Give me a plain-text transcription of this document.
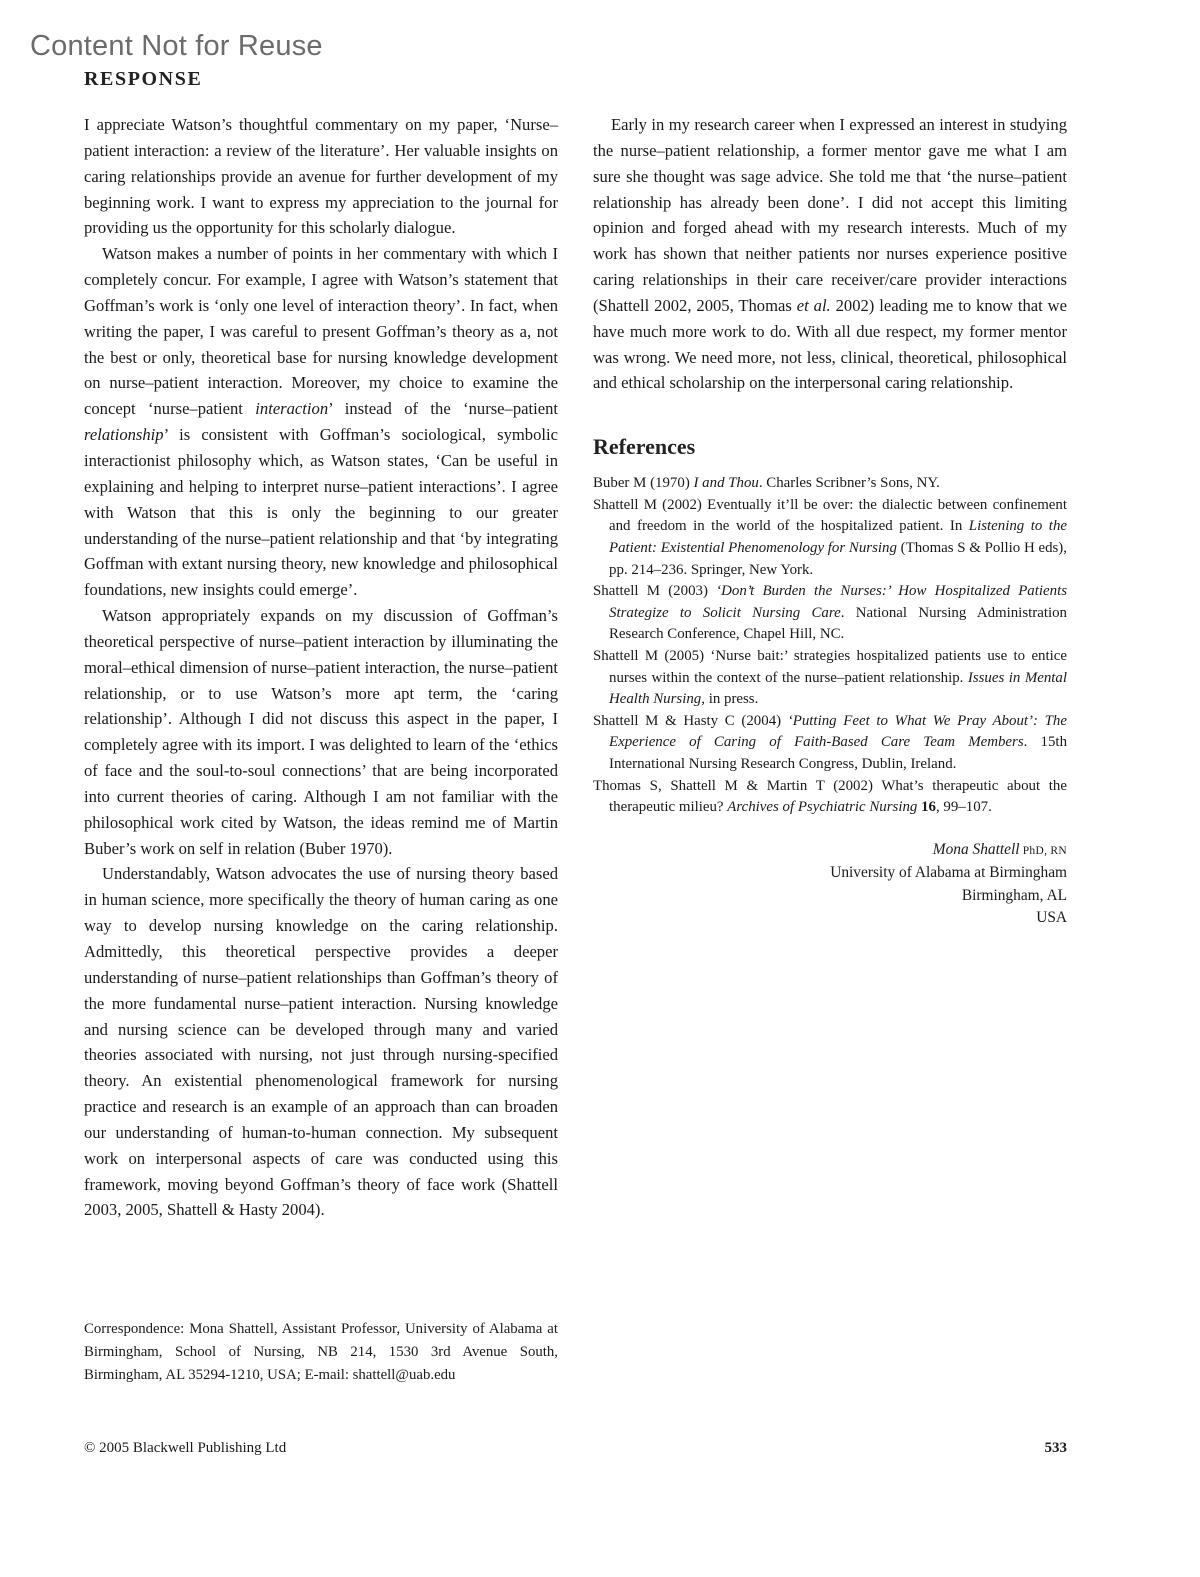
Content Not for Reuse
RESPONSE

I appreciate Watson’s thoughtful commentary on my paper, ‘Nurse–patient interaction: a review of the literature’. Her valuable insights on caring relationships provide an avenue for further development of my beginning work. I want to express my appreciation to the journal for providing us the opportunity for this scholarly dialogue.

Watson makes a number of points in her commentary with which I completely concur. For example, I agree with Watson’s statement that Goffman’s work is ‘only one level of interaction theory’. In fact, when writing the paper, I was careful to present Goffman’s theory as a, not the best or only, theoretical base for nursing knowledge development on nurse–patient interaction. Moreover, my choice to examine the concept ‘nurse–patient interaction’ instead of the ‘nurse–patient relationship’ is consistent with Goffman’s sociological, symbolic interactionist philosophy which, as Watson states, ‘Can be useful in explaining and helping to interpret nurse–patient interactions’. I agree with Watson that this is only the beginning to our greater understanding of the nurse–patient relationship and that ‘by integrating Goffman with extant nursing theory, new knowledge and philosophical foundations, new insights could emerge’.

Watson appropriately expands on my discussion of Goffman’s theoretical perspective of nurse–patient interaction by illuminating the moral–ethical dimension of nurse–patient interaction, the nurse–patient relationship, or to use Watson’s more apt term, the ‘caring relationship’. Although I did not discuss this aspect in the paper, I completely agree with its import. I was delighted to learn of the ‘ethics of face and the soul-to-soul connections’ that are being incorporated into current theories of caring. Although I am not familiar with the philosophical work cited by Watson, the ideas remind me of Martin Buber’s work on self in relation (Buber 1970).

Understandably, Watson advocates the use of nursing theory based in human science, more specifically the theory of human caring as one way to develop nursing knowledge on the caring relationship. Admittedly, this theoretical perspective provides a deeper understanding of nurse–patient relationships than Goffman’s theory of the more fundamental nurse–patient interaction. Nursing knowledge and nursing science can be developed through many and varied theories associated with nursing, not just through nursing-specified theory. An existential phenomenological framework for nursing practice and research is an example of an approach than can broaden our understanding of human-to-human connection. My subsequent work on interpersonal aspects of care was conducted using this framework, moving beyond Goffman’s theory of face work (Shattell 2003, 2005, Shattell & Hasty 2004).

Early in my research career when I expressed an interest in studying the nurse–patient relationship, a former mentor gave me what I am sure she thought was sage advice. She told me that ‘the nurse–patient relationship has already been done’. I did not accept this limiting opinion and forged ahead with my research interests. Much of my work has shown that neither patients nor nurses experience positive caring relationships in their care receiver/care provider interactions (Shattell 2002, 2005, Thomas et al. 2002) leading me to know that we have much more work to do. With all due respect, my former mentor was wrong. We need more, not less, clinical, theoretical, philosophical and ethical scholarship on the interpersonal caring relationship.

References

Buber M (1970) I and Thou. Charles Scribner’s Sons, NY.

Shattell M (2002) Eventually it’ll be over: the dialectic between confinement and freedom in the world of the hospitalized patient. In Listening to the Patient: Existential Phenomenology for Nursing (Thomas S & Pollio H eds), pp. 214–236. Springer, New York.

Shattell M (2003) ‘Don’t Burden the Nurses:’ How Hospitalized Patients Strategize to Solicit Nursing Care. National Nursing Administration Research Conference, Chapel Hill, NC.

Shattell M (2005) ‘Nurse bait:’ strategies hospitalized patients use to entice nurses within the context of the nurse–patient relationship. Issues in Mental Health Nursing, in press.

Shattell M & Hasty C (2004) ‘Putting Feet to What We Pray About’: The Experience of Caring of Faith-Based Care Team Members. 15th International Nursing Research Congress, Dublin, Ireland.

Thomas S, Shattell M & Martin T (2002) What’s therapeutic about the therapeutic milieu? Archives of Psychiatric Nursing 16, 99–107.

Mona Shattell PhD, RN
University of Alabama at Birmingham
Birmingham, AL
USA

Correspondence: Mona Shattell, Assistant Professor, University of Alabama at Birmingham, School of Nursing, NB 214, 1530 3rd Avenue South, Birmingham, AL 35294-1210, USA; E-mail: shattell@uab.edu

© 2005 Blackwell Publishing Ltd	533
